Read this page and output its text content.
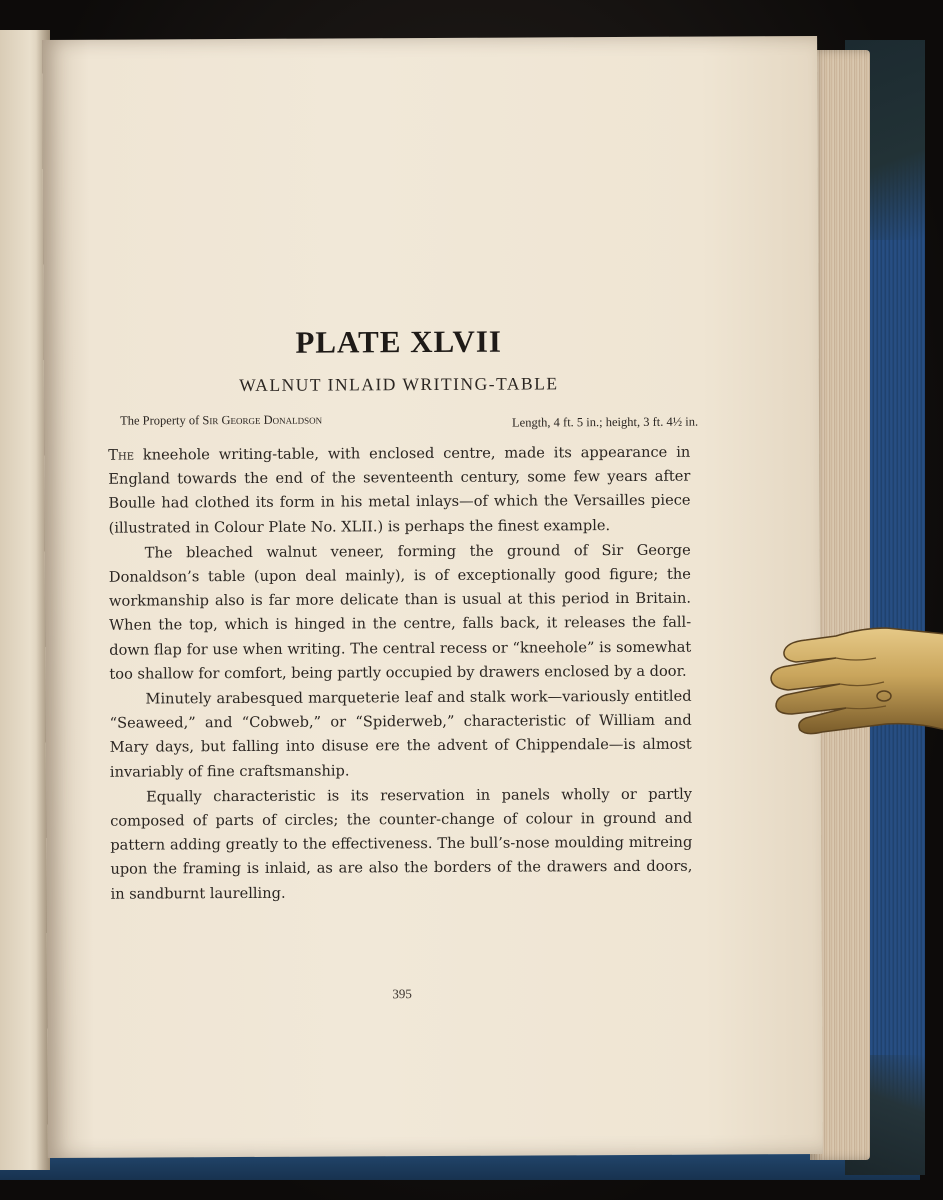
PLATE XLVII
WALNUT INLAID WRITING-TABLE
The Property of Sir George Donaldson	Length, 4 ft. 5 in.; height, 3 ft. 4½ in.

The kneehole writing-table, with enclosed centre, made its appearance in England towards the end of the seventeenth century, some few years after Boulle had clothed its form in his metal inlays—of which the Versailles piece (illustrated in Colour Plate No. XLII.) is perhaps the finest example.

The bleached walnut veneer, forming the ground of Sir George Donaldson’s table (upon deal mainly), is of exceptionally good figure; the workmanship also is far more delicate than is usual at this period in Britain. When the top, which is hinged in the centre, falls back, it releases the fall-down flap for use when writing. The central recess or “kneehole” is somewhat too shallow for comfort, being partly occupied by drawers enclosed by a door.

Minutely arabesqued marqueterie leaf and stalk work—variously entitled “Seaweed,” and “Cobweb,” or “Spiderweb,” characteristic of William and Mary days, but falling into disuse ere the advent of Chippendale—is almost invariably of fine craftsmanship.

Equally characteristic is its reservation in panels wholly or partly composed of parts of circles; the counter-change of colour in ground and pattern adding greatly to the effectiveness. The bull’s-nose moulding mitreing upon the framing is inlaid, as are also the borders of the drawers and doors, in sandburnt laurelling.

395
